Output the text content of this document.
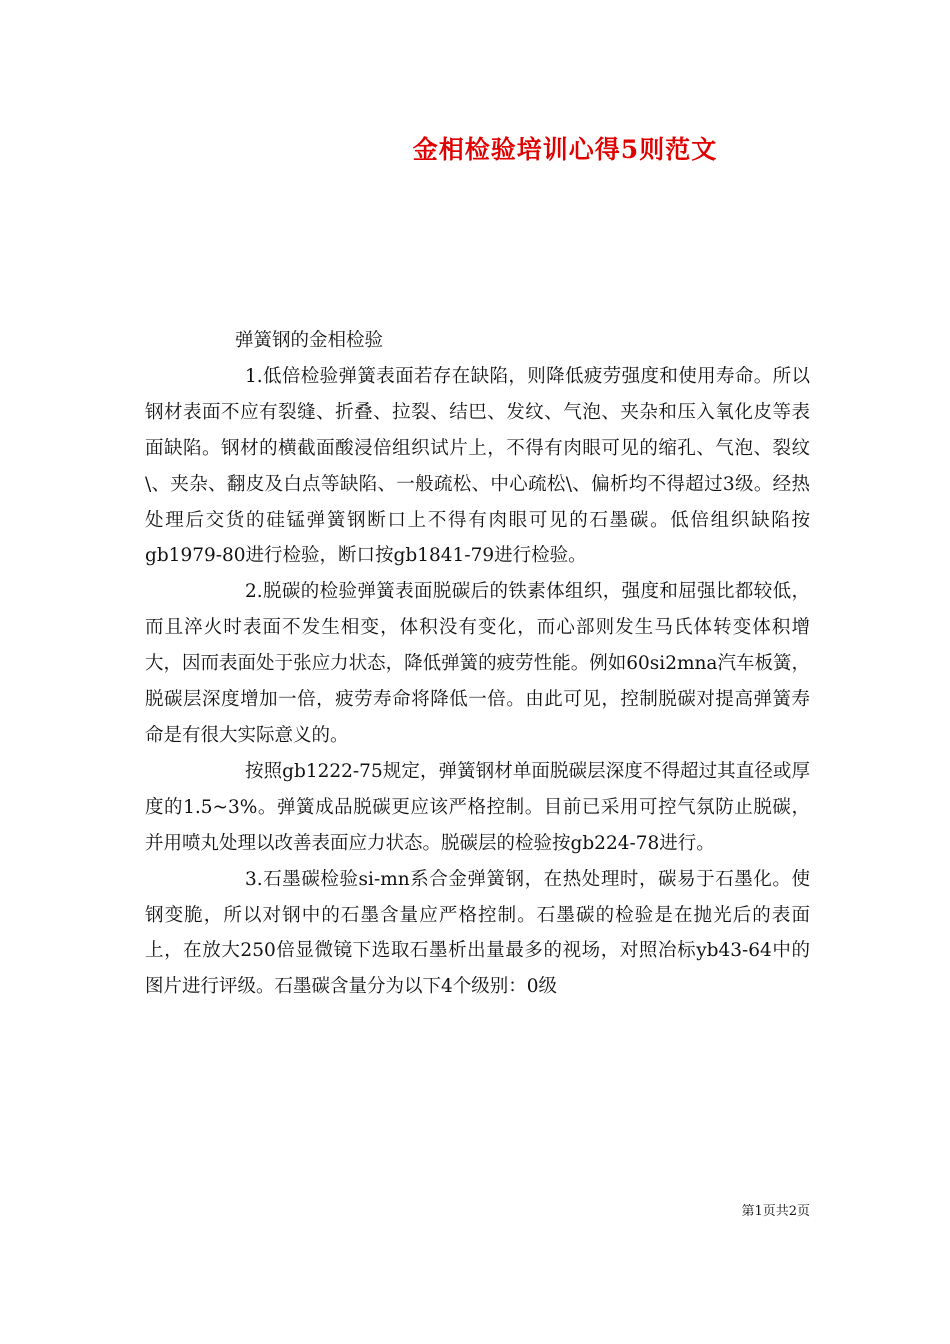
金相检验培训心得5则范文
弹簧钢的金相检验

1.低倍检验弹簧表面若存在缺陷，则降低疲劳强度和使用寿命。所以钢材表面不应有裂缝、折叠、拉裂、结巴、发纹、气泡、夹杂和压入氧化皮等表面缺陷。钢材的横截面酸浸倍组织试片上，不得有肉眼可见的缩孔、气泡、裂纹\、夹杂、翻皮及白点等缺陷、一般疏松、中心疏松\、偏析均不得超过3级。经热处理后交货的硅锰弹簧钢断口上不得有肉眼可见的石墨碳。低倍组织缺陷按gb1979-80进行检验，断口按gb1841-79进行检验。

2.脱碳的检验弹簧表面脱碳后的铁素体组织，强度和屈强比都较低，而且淬火时表面不发生相变，体积没有变化，而心部则发生马氏体转变体积增大，因而表面处于张应力状态，降低弹簧的疲劳性能。例如60si2mna汽车板簧，脱碳层深度增加一倍，疲劳寿命将降低一倍。由此可见，控制脱碳对提高弹簧寿命是有很大实际意义的。

按照gb1222-75规定，弹簧钢材单面脱碳层深度不得超过其直径或厚度的1.5~3%。弹簧成品脱碳更应该严格控制。目前已采用可控气氛防止脱碳，并用喷丸处理以改善表面应力状态。脱碳层的检验按gb224-78进行。

3.石墨碳检验si-mn系合金弹簧钢，在热处理时，碳易于石墨化。使钢变脆，所以对钢中的石墨含量应严格控制。石墨碳的检验是在抛光后的表面上，在放大250倍显微镜下选取石墨析出量最多的视场，对照冶标yb43-64中的图片进行评级。石墨碳含量分为以下4个级别：0级

第1页共2页
